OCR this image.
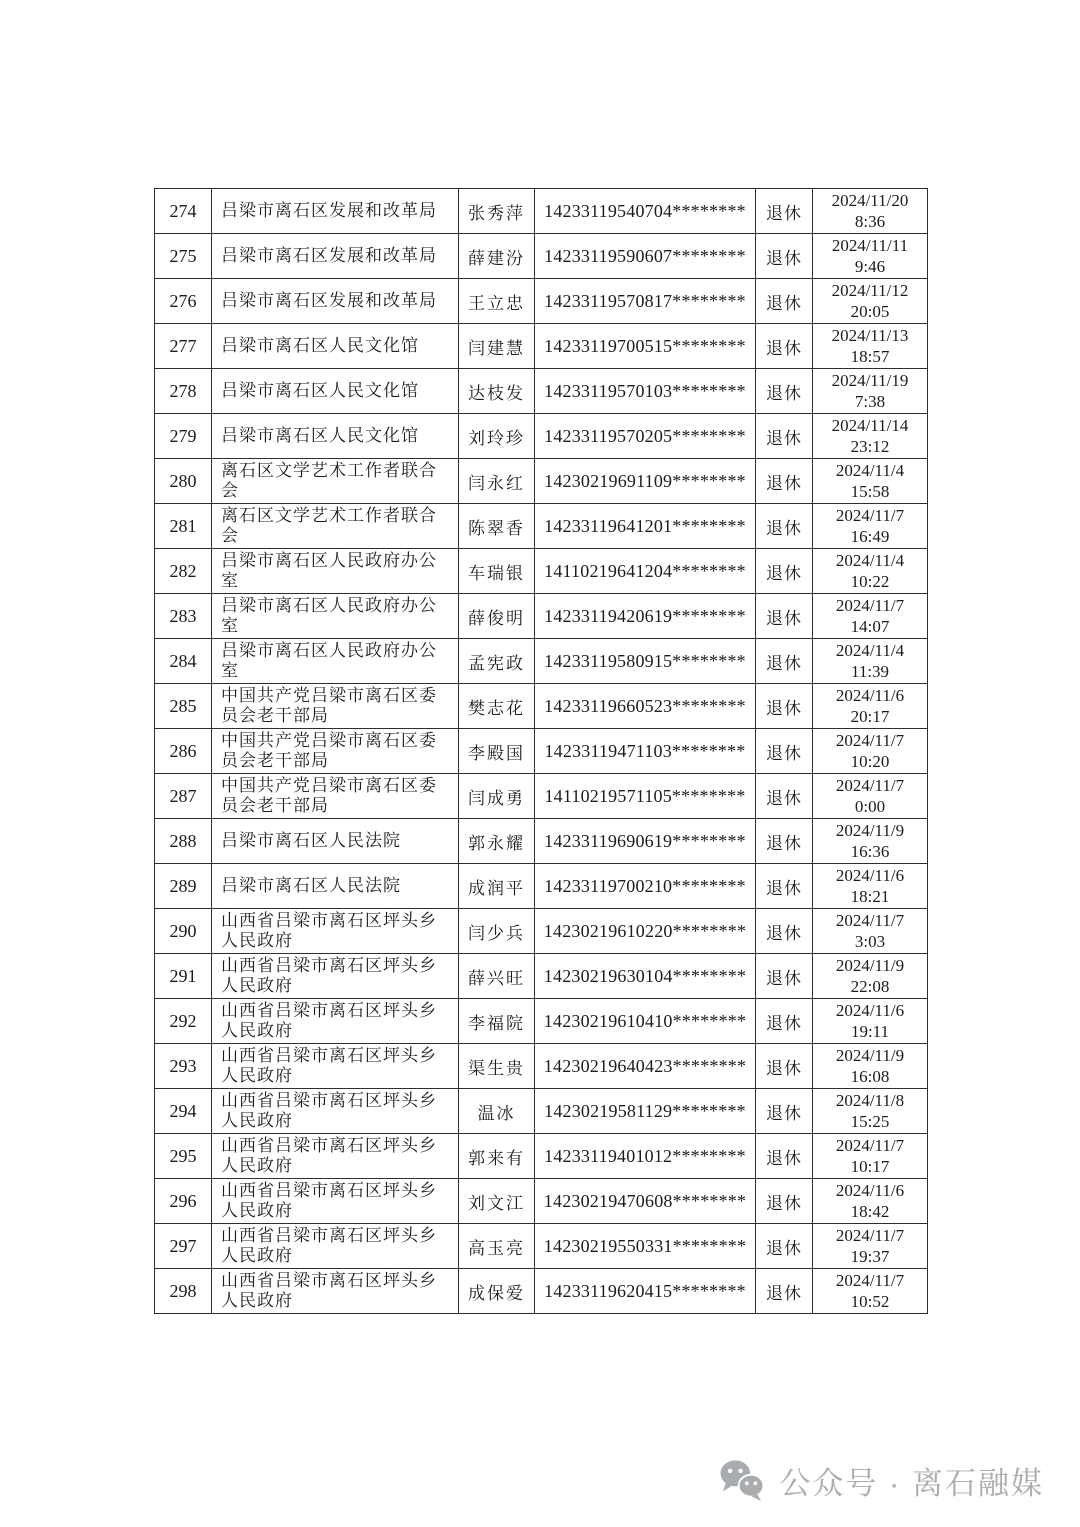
274	吕梁市离石区发展和改革局	张秀萍	14233119540704********	退休	2024/11/20
8:36

275	吕梁市离石区发展和改革局	薛建汾	14233119590607********	退休	2024/11/11
9:46

276	吕梁市离石区发展和改革局	王立忠	14233119570817********	退休	2024/11/12
20:05

277	吕梁市离石区人民文化馆	闫建慧	14233119700515********	退休	2024/11/13
18:57

278	吕梁市离石区人民文化馆	达枝发	14233119570103********	退休	2024/11/19
7:38

279	吕梁市离石区人民文化馆	刘玲珍	14233119570205********	退休	2024/11/14
23:12

280	离石区文学艺术工作者联合会	闫永红	14230219691109********	退休	2024/11/4
15:58

281	离石区文学艺术工作者联合会	陈翠香	14233119641201********	退休	2024/11/7
16:49

282	吕梁市离石区人民政府办公室	车瑞银	14110219641204********	退休	2024/11/4
10:22

283	吕梁市离石区人民政府办公室	薛俊明	14233119420619********	退休	2024/11/7
14:07

284	吕梁市离石区人民政府办公室	孟宪政	14233119580915********	退休	2024/11/4
11:39

285	中国共产党吕梁市离石区委员会老干部局	樊志花	14233119660523********	退休	2024/11/6
20:17

286	中国共产党吕梁市离石区委员会老干部局	李殿国	14233119471103********	退休	2024/11/7
10:20

287	中国共产党吕梁市离石区委员会老干部局	闫成勇	14110219571105********	退休	2024/11/7
0:00

288	吕梁市离石区人民法院	郭永耀	14233119690619********	退休	2024/11/9
16:36

289	吕梁市离石区人民法院	成润平	14233119700210********	退休	2024/11/6
18:21

290	山西省吕梁市离石区坪头乡人民政府	闫少兵	14230219610220********	退休	2024/11/7
3:03

291	山西省吕梁市离石区坪头乡人民政府	薛兴旺	14230219630104********	退休	2024/11/9
22:08

292	山西省吕梁市离石区坪头乡人民政府	李福院	14230219610410********	退休	2024/11/6
19:11

293	山西省吕梁市离石区坪头乡人民政府	渠生贵	14230219640423********	退休	2024/11/9
16:08

294	山西省吕梁市离石区坪头乡人民政府	温冰	14230219581129********	退休	2024/11/8
15:25

295	山西省吕梁市离石区坪头乡人民政府	郭来有	14233119401012********	退休	2024/11/7
10:17

296	山西省吕梁市离石区坪头乡人民政府	刘文江	14230219470608********	退休	2024/11/6
18:42

297	山西省吕梁市离石区坪头乡人民政府	高玉亮	14230219550331********	退休	2024/11/7
19:37

298	山西省吕梁市离石区坪头乡人民政府	成保爱	14233119620415********	退休	2024/11/7
10:52
公众号 · 离石融媒
